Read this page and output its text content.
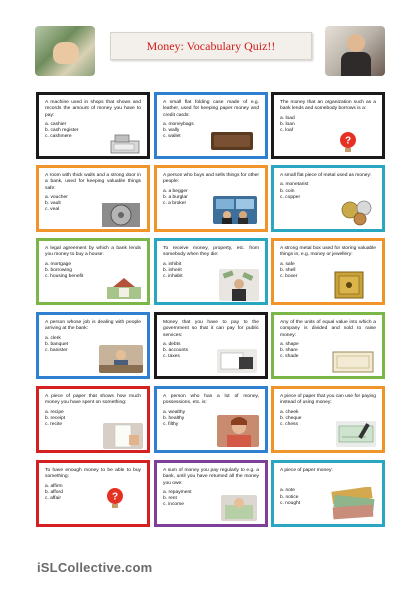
Money: Vocabulary Quiz!!
A machine used in shops that shows and records the amount of money you have to pay:
a. cashier
b. cash register
c. cashmere
A small flat folding case made of e.g. leather, used for keeping paper money and credit cards:
a. moneybags
b. wally
c. wallet
The money that an organization such as a bank lends and somebody borrows is a:
a. load
b. loan
c. loaf
?
A room with thick walls and a strong door in a bank, used for keeping valuable things safe:
a. voucher
b. vault
c. veal
A person who buys and sells things for other people:
a. a begger
b. a burglar
c. a broker
A small flat piece of metal used as money:
a. monetarist
b. coin
c. copper
A legal agreement by which a bank lends you money to buy a house:
a. mortgage
b. borrowing
c. housing benefit
To receive money, property, etc. from somebody when they die:
a. inhibit
b. inherit
c. inhabit
A strong metal box used for storing valuable things in, e.g. money or jewellery:
a. safe
b. shell
c. boxer
A person whose job is dealing with people arriving at the bank:
a. clerk
b. banquet
c. banister
Money that you have to pay to the government so that it can pay for public services:
a. debts
b. accounts
c. taxes
Any of the units of equal value into which a company is divided and sold to raise money:
a. shape
b. share
c. shade
A piece of paper that shows how much money you have spent on something:
a. recipe
b. receipt
c. recite
A person who has a lot of money, possessions, etc. is:
a. wealthy
b. healthy
c. filthy
A piece of paper that you can use for paying instead of using money:
a. cheek
b. cheque
c. chess
To have enough money to be able to buy something:
a. affirm
b. afford
c. affair	?
A sum of money you pay regularly to e.g. a bank, until you have returned all the money you owe:
a. repayment
b. rent
c. income
A piece of paper money:
a. note
b. notice
c. nought
iSLCollective.com
